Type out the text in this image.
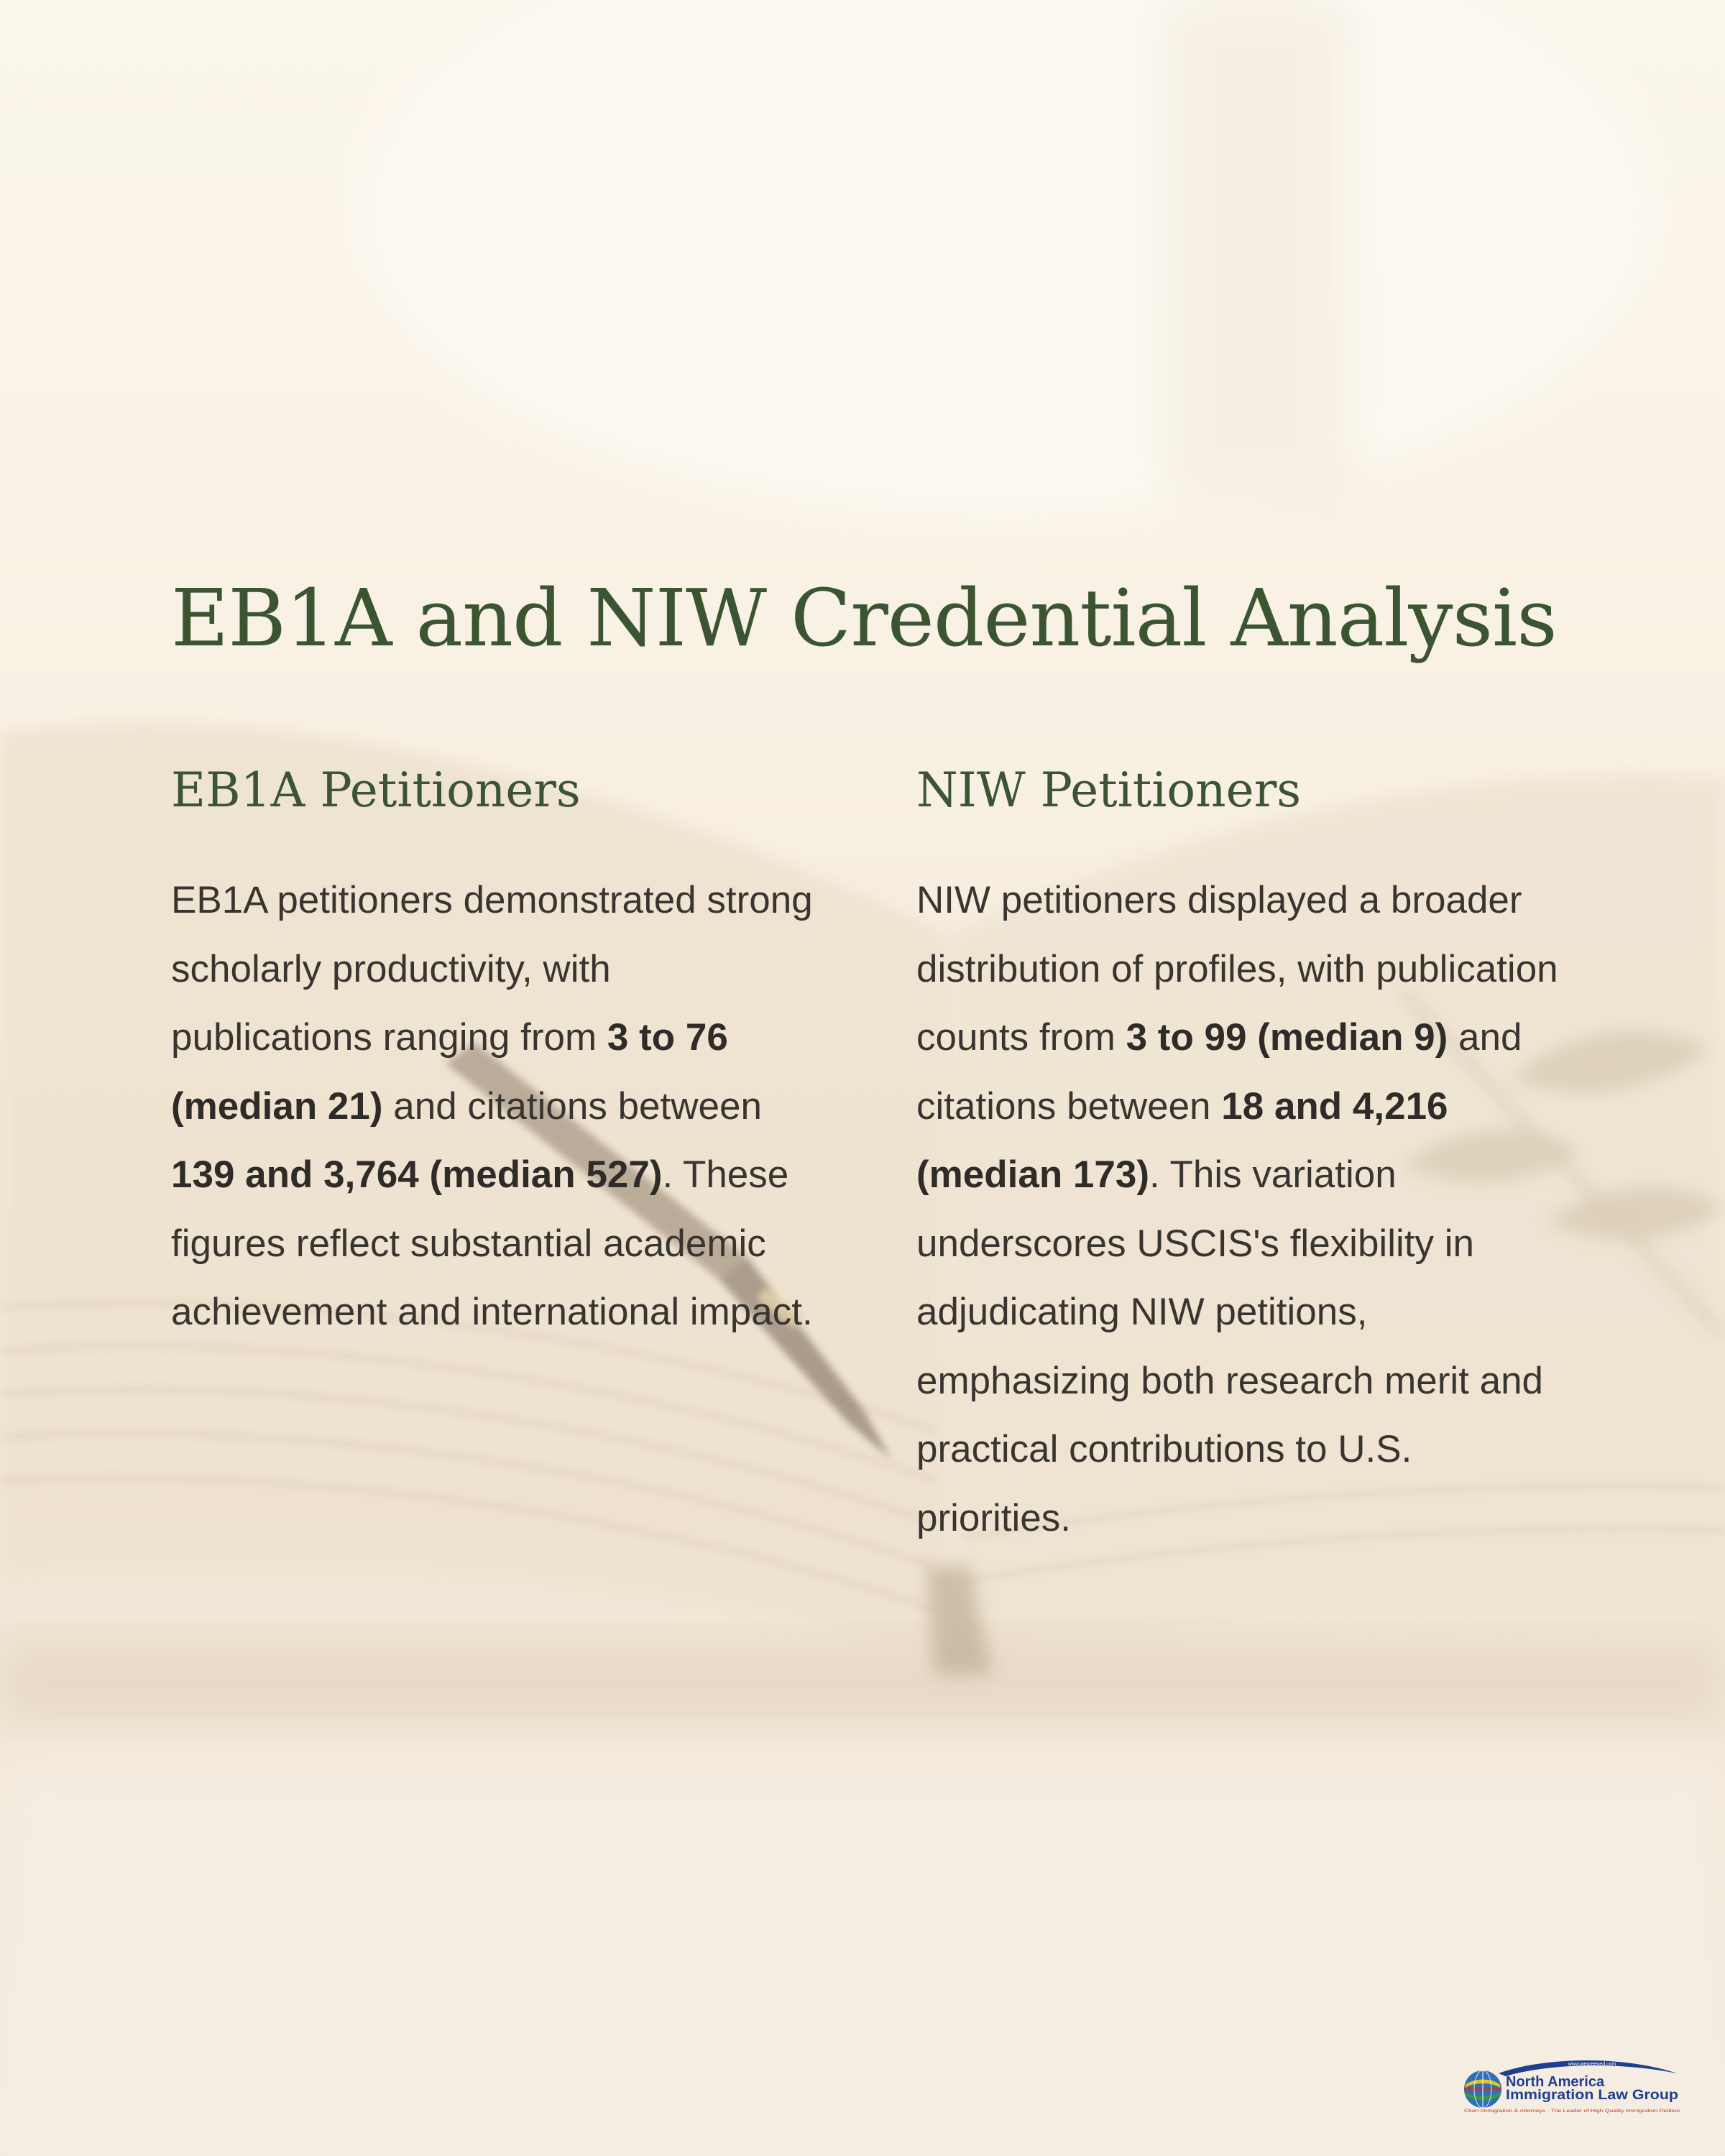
EB1A and NIW Credential Analysis
EB1A Petitioners

EB1A petitioners demonstrated strong scholarly productivity, with publications ranging from 3 to 76 (median 21) and citations between 139 and 3,764 (median 527). These figures reflect substantial academic achievement and international impact.

NIW Petitioners

NIW petitioners displayed a broader distribution of profiles, with publication counts from 3 to 99 (median 9) and citations between 18 and 4,216 (median 173). This variation underscores USCIS's flexibility in adjudicating NIW petitions, emphasizing both research merit and practical contributions to U.S. priorities.

www.wegreened.com
North America
Immigration Law Group
Chen Immigration & Attorneys · The Leader of High Quality Immigration Petition
